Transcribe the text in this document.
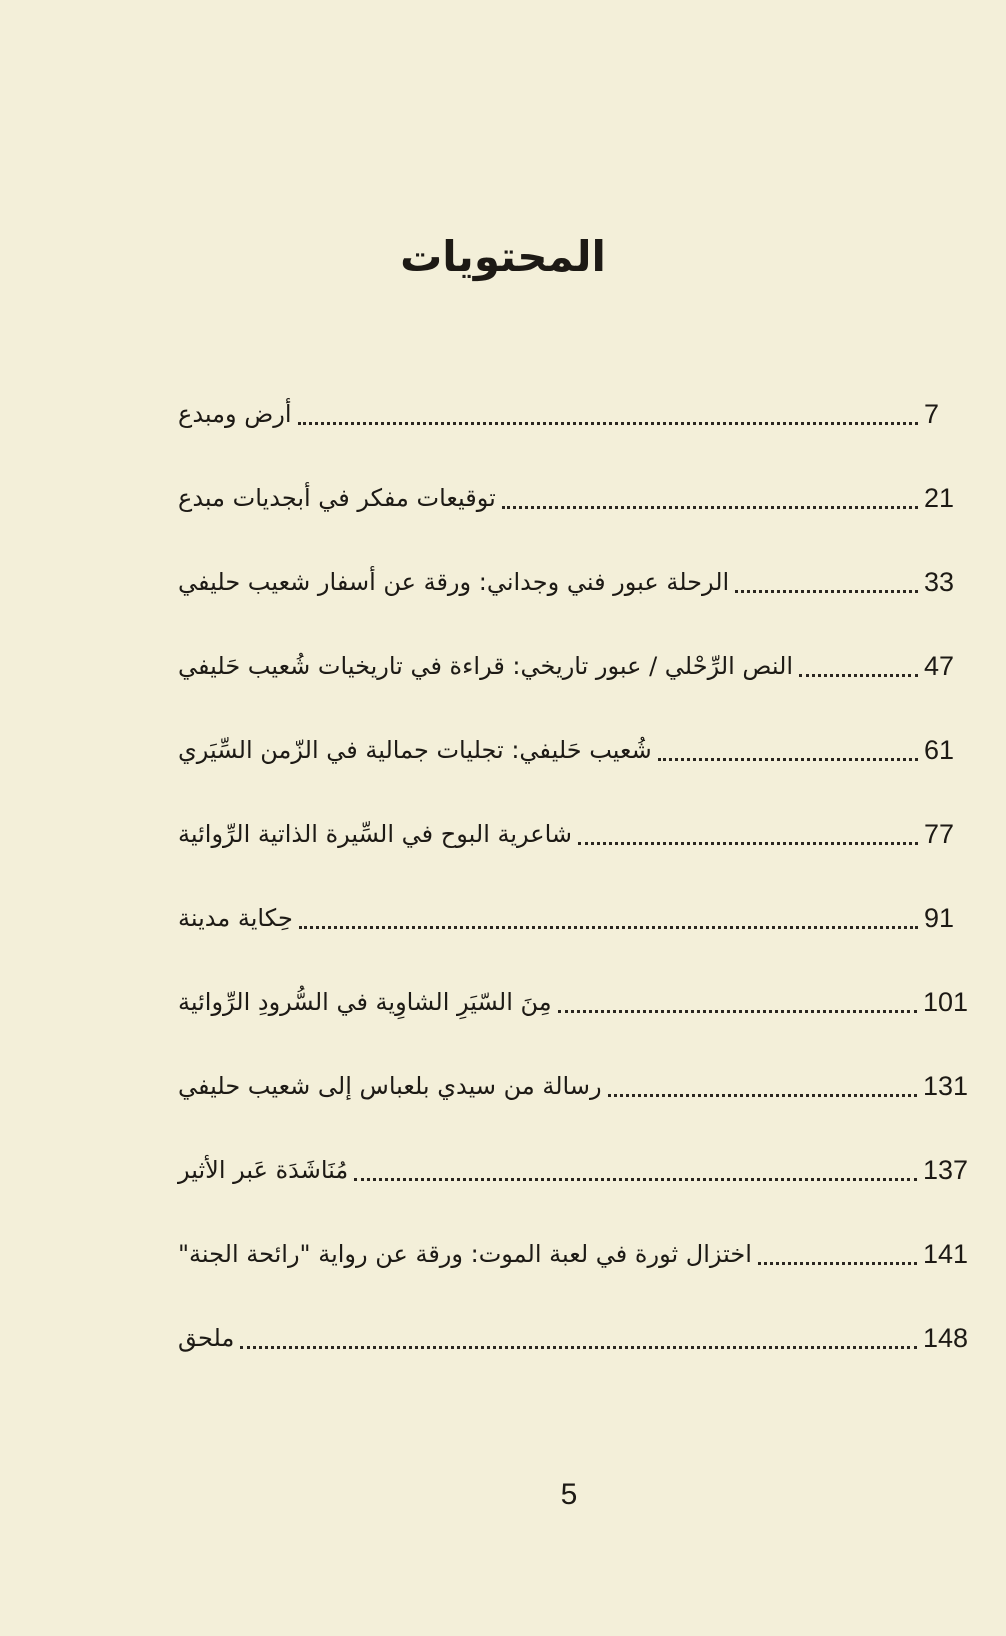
المحتويات
أرض ومبدع	7
توقيعات مفكر في أبجديات مبدع	21
الرحلة عبور فني وجداني: ورقة عن أسفار شعيب حليفي	33
النص الرِّحْلي / عبور تاريخي: قراءة في تاريخيات شُعيب حَليفي	47
شُعيب حَليفي: تجليات جمالية في الزّمن السِّيَري	61
شاعرية البوح في السِّيرة الذاتية الرِّوائية	77
حِكاية مدينة	91
مِنَ السّيَرِ الشاوِية في السُّرودِ الرِّوائية	101
رسالة من سيدي بلعباس إلى شعيب حليفي	131
مُنَاشَدَة عَبر الأثير	137
اختزال ثورة في لعبة الموت: ورقة عن رواية "رائحة الجنة"	141
ملحق	148
5
